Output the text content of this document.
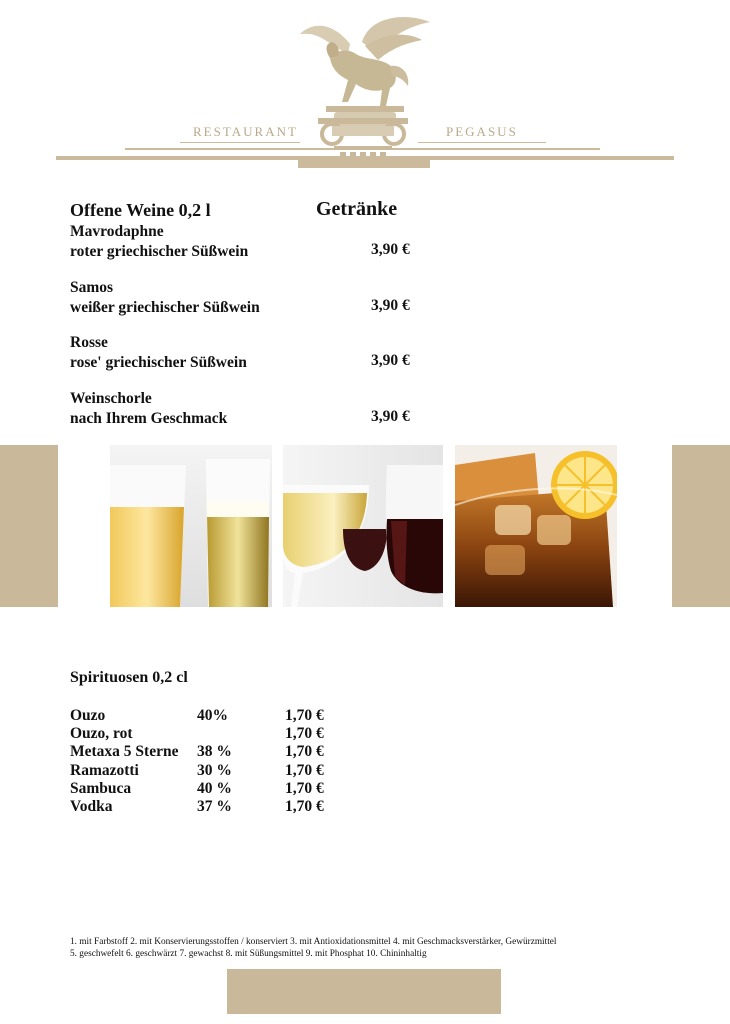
RESTAURANT	PEGASUS
Offene Weine 0,2 l	Getränke
Mavrodaphne
roter griechischer Süßwein	3,90 €
Samos
weißer griechischer Süßwein	3,90 €
Rosse
rose' griechischer Süßwein	3,90 €
Weinschorle
nach Ihrem Geschmack	3,90 €
Spirituosen 0,2 cl
Ouzo	40%	1,70 €
Ouzo, rot	1,70 €
Metaxa 5 Sterne 38 %	1,70 €
Ramazotti	30 %	1,70 €
Sambuca	40 %	1,70 €
Vodka	37 %	1,70 €
1. mit Farbstoff 2. mit Konservierungsstoffen / konserviert 3. mit Antioxidationsmittel 4. mit Geschmacksverstärker, Gewürzmittel
5. geschwefelt 6. geschwärzt 7. gewachst 8. mit Süßungsmittel 9. mit Phosphat 10. Chininhaltig
